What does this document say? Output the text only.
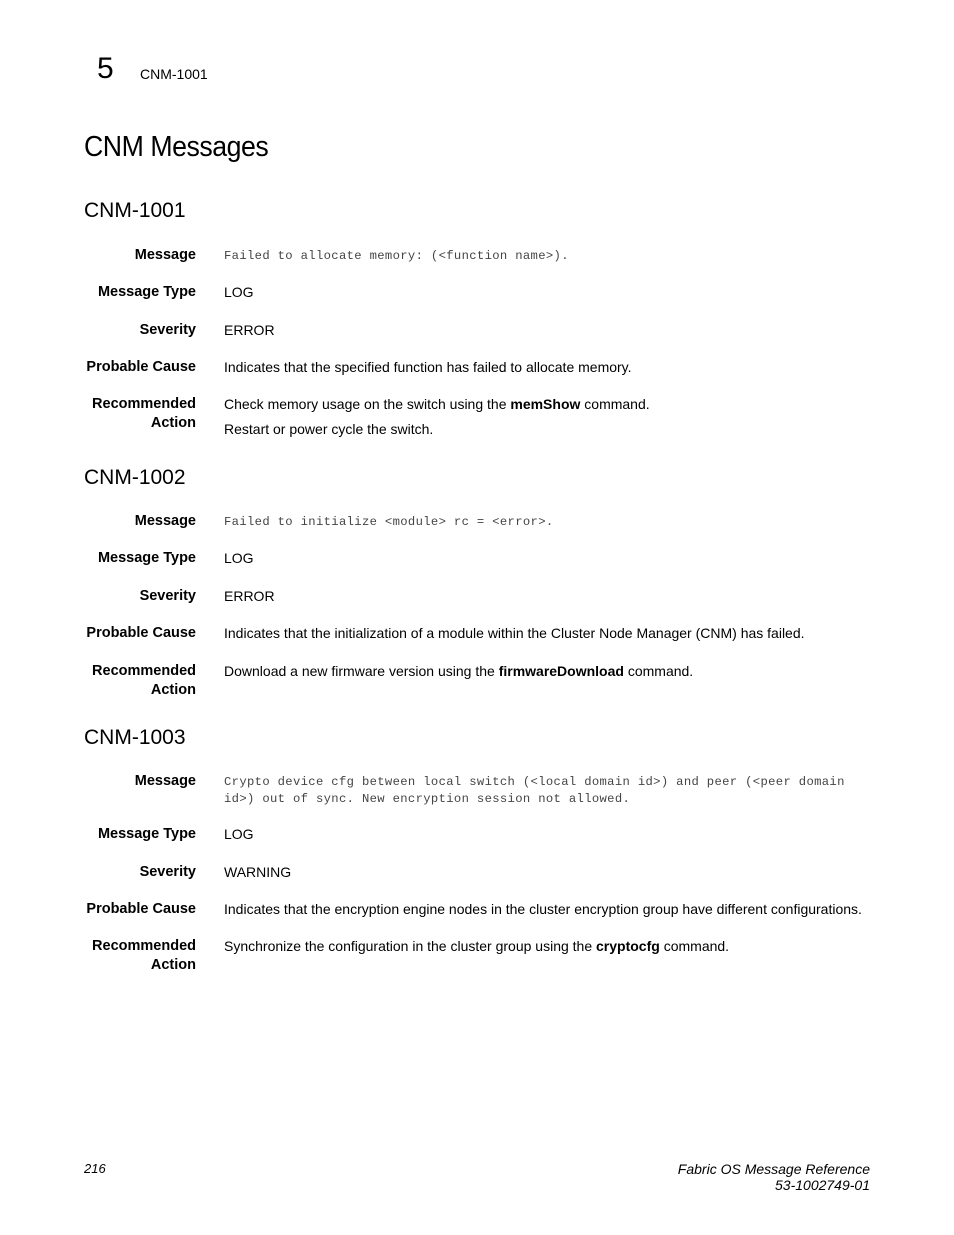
5 CNM-1001
CNM Messages
CNM-1001
Message Failed to allocate memory: (<function name>).
Message Type LOG
Severity ERROR
Probable Cause Indicates that the specified function has failed to allocate memory.
Recommended
Action

Check memory usage on the switch using the memShow command.

Restart or power cycle the switch.

CNM-1002
Message Failed to initialize <module> rc = <error>.
Message Type LOG
Severity ERROR
Probable Cause Indicates that the initialization of a module within the Cluster Node Manager (CNM) has failed.
Recommended
Action

Download a new firmware version using the firmwareDownload command.

CNM-1003
Message Crypto device cfg between local switch (<local domain id>) and peer (<peer domain
id>) out of sync. New encryption session not allowed.
Message Type LOG
Severity WARNING
Probable Cause Indicates that the encryption engine nodes in the cluster encryption group have different configurations.
Recommended
Action

Synchronize the configuration in the cluster group using the cryptocfg command.

216	Fabric OS Message Reference
53-1002749-01
